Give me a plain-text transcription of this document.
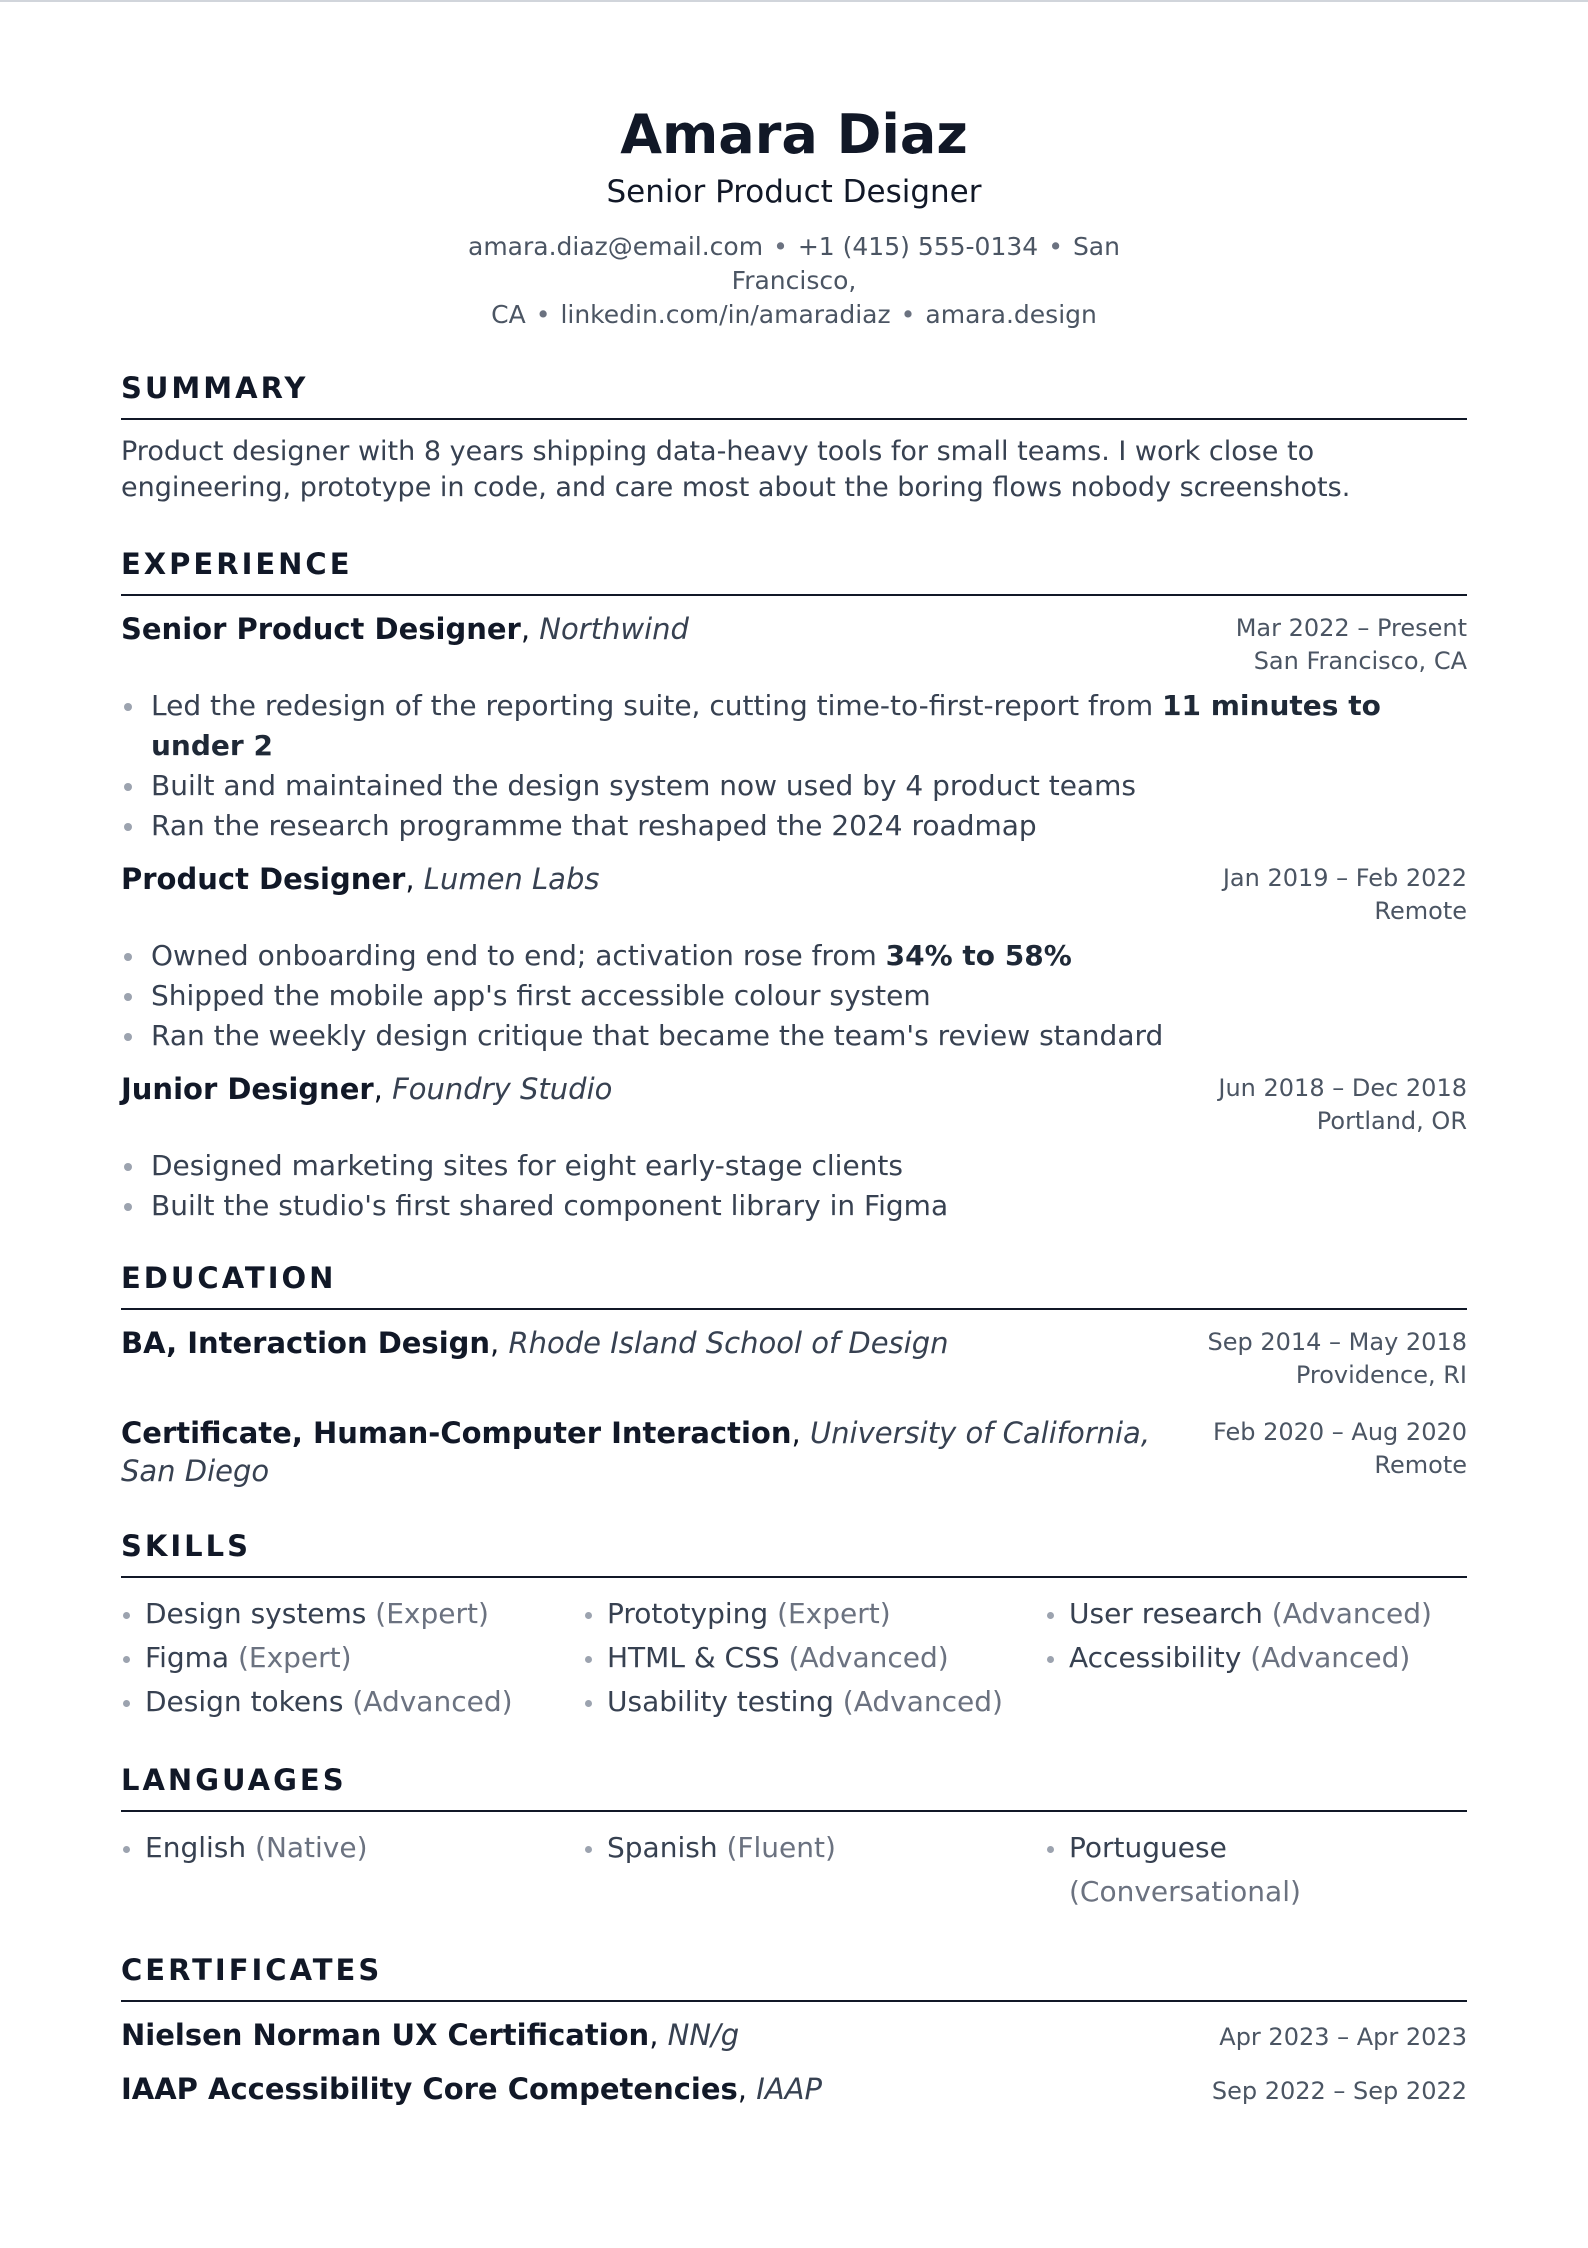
Amara Diaz
Senior Product Designer
amara.diaz@email.com • +1 (415) 555-0134 • San Francisco,
CA • linkedin.com/in/amaradiaz • amara.design
SUMMARY
Product designer with 8 years shipping data-heavy tools for small teams. I work close to engineering, prototype in code, and care most about the boring flows nobody screenshots.
EXPERIENCE
Senior Product Designer, Northwind	Mar 2022 – Present
San Francisco, CA
Led the redesign of the reporting suite, cutting time-to-first-report from 11 minutes to under 2
Built and maintained the design system now used by 4 product teams
Ran the research programme that reshaped the 2024 roadmap
Product Designer, Lumen Labs	Jan 2019 – Feb 2022
Remote
Owned onboarding end to end; activation rose from 34% to 58%
Shipped the mobile app's first accessible colour system
Ran the weekly design critique that became the team's review standard
Junior Designer, Foundry Studio	Jun 2018 – Dec 2018
Portland, OR
Designed marketing sites for eight early-stage clients
Built the studio's first shared component library in Figma
EDUCATION
BA, Interaction Design, Rhode Island School of Design	Sep 2014 – May 2018
Providence, RI
Certificate, Human-Computer Interaction, University of California, San Diego
Feb 2020 – Aug 2020
Remote
SKILLS
Design systems (Expert)	Prototyping (Expert)	User research (Advanced)
Figma (Expert)	HTML & CSS (Advanced)	Accessibility (Advanced)
Design tokens (Advanced)	Usability testing (Advanced)
LANGUAGES
English (Native)	Spanish (Fluent)	Portuguese (Conversational)
CERTIFICATES
Nielsen Norman UX Certification, NN/g	Apr 2023 – Apr 2023
IAAP Accessibility Core Competencies, IAAP	Sep 2022 – Sep 2022
